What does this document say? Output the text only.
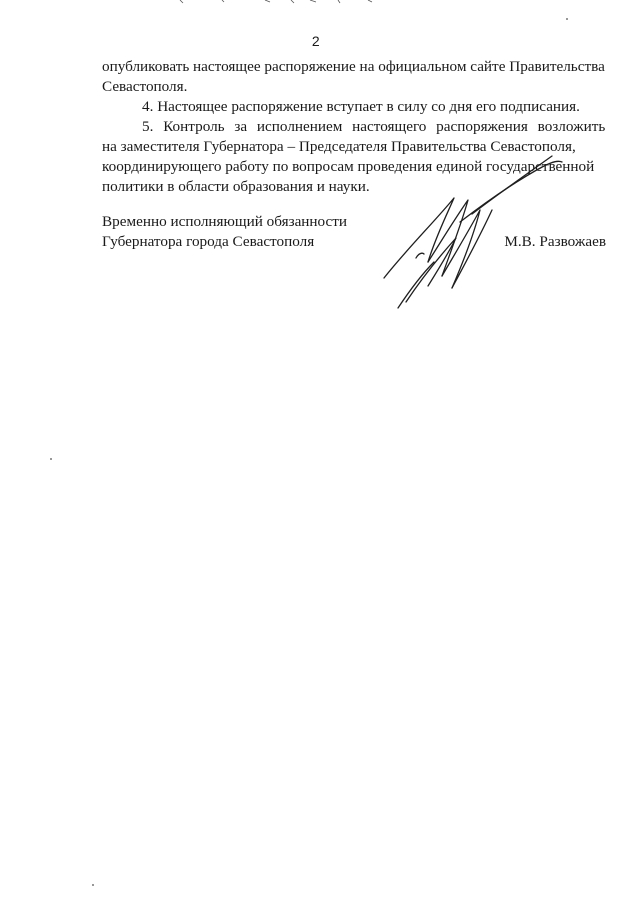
2

опубликовать настоящее распоряжение на официальном сайте Правительства

Севастополя.

4. Настоящее распоряжение вступает в силу со дня его подписания.

5. Контроль за исполнением настоящего распоряжения возложить

на заместителя Губернатора – Председателя Правительства Севастополя,

координирующего работу по вопросам проведения единой государственной

политики в области образования и науки.

Временно исполняющий обязанности
Губернатора города Севастополя	М.В. Развожаев
